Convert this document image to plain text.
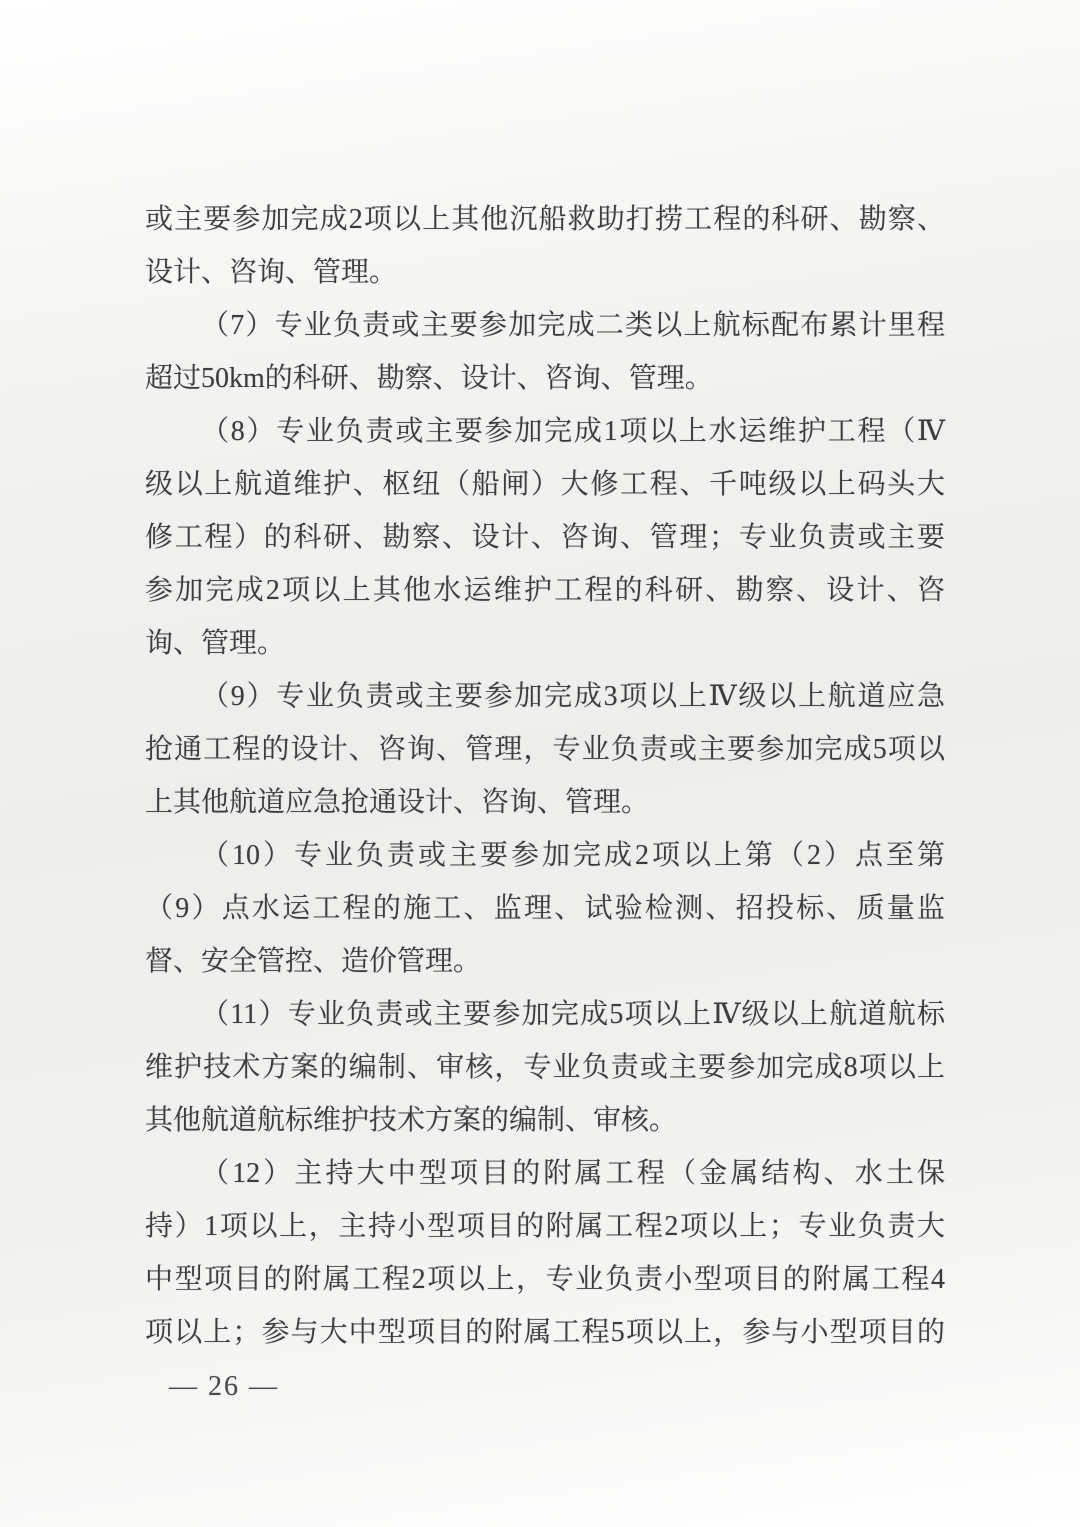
或主要参加完成2项以上其他沉船救助打捞工程的科研、勘察、
设计、咨询、管理。
（7）专业负责或主要参加完成二类以上航标配布累计里程
超过50km的科研、勘察、设计、咨询、管理。
（8）专业负责或主要参加完成1项以上水运维护工程（Ⅳ
级以上航道维护、枢纽（船闸）大修工程、千吨级以上码头大
修工程）的科研、勘察、设计、咨询、管理；专业负责或主要
参加完成2项以上其他水运维护工程的科研、勘察、设计、咨
询、管理。
（9）专业负责或主要参加完成3项以上Ⅳ级以上航道应急
抢通工程的设计、咨询、管理，专业负责或主要参加完成5项以
上其他航道应急抢通设计、咨询、管理。
（10）专业负责或主要参加完成2项以上第（2）点至第
（9）点水运工程的施工、监理、试验检测、招投标、质量监
督、安全管控、造价管理。
（11）专业负责或主要参加完成5项以上Ⅳ级以上航道航标
维护技术方案的编制、审核，专业负责或主要参加完成8项以上
其他航道航标维护技术方案的编制、审核。
（12）主持大中型项目的附属工程（金属结构、水土保
持）1项以上，主持小型项目的附属工程2项以上；专业负责大
中型项目的附属工程2项以上，专业负责小型项目的附属工程4
项以上；参与大中型项目的附属工程5项以上，参与小型项目的
— 26 —
